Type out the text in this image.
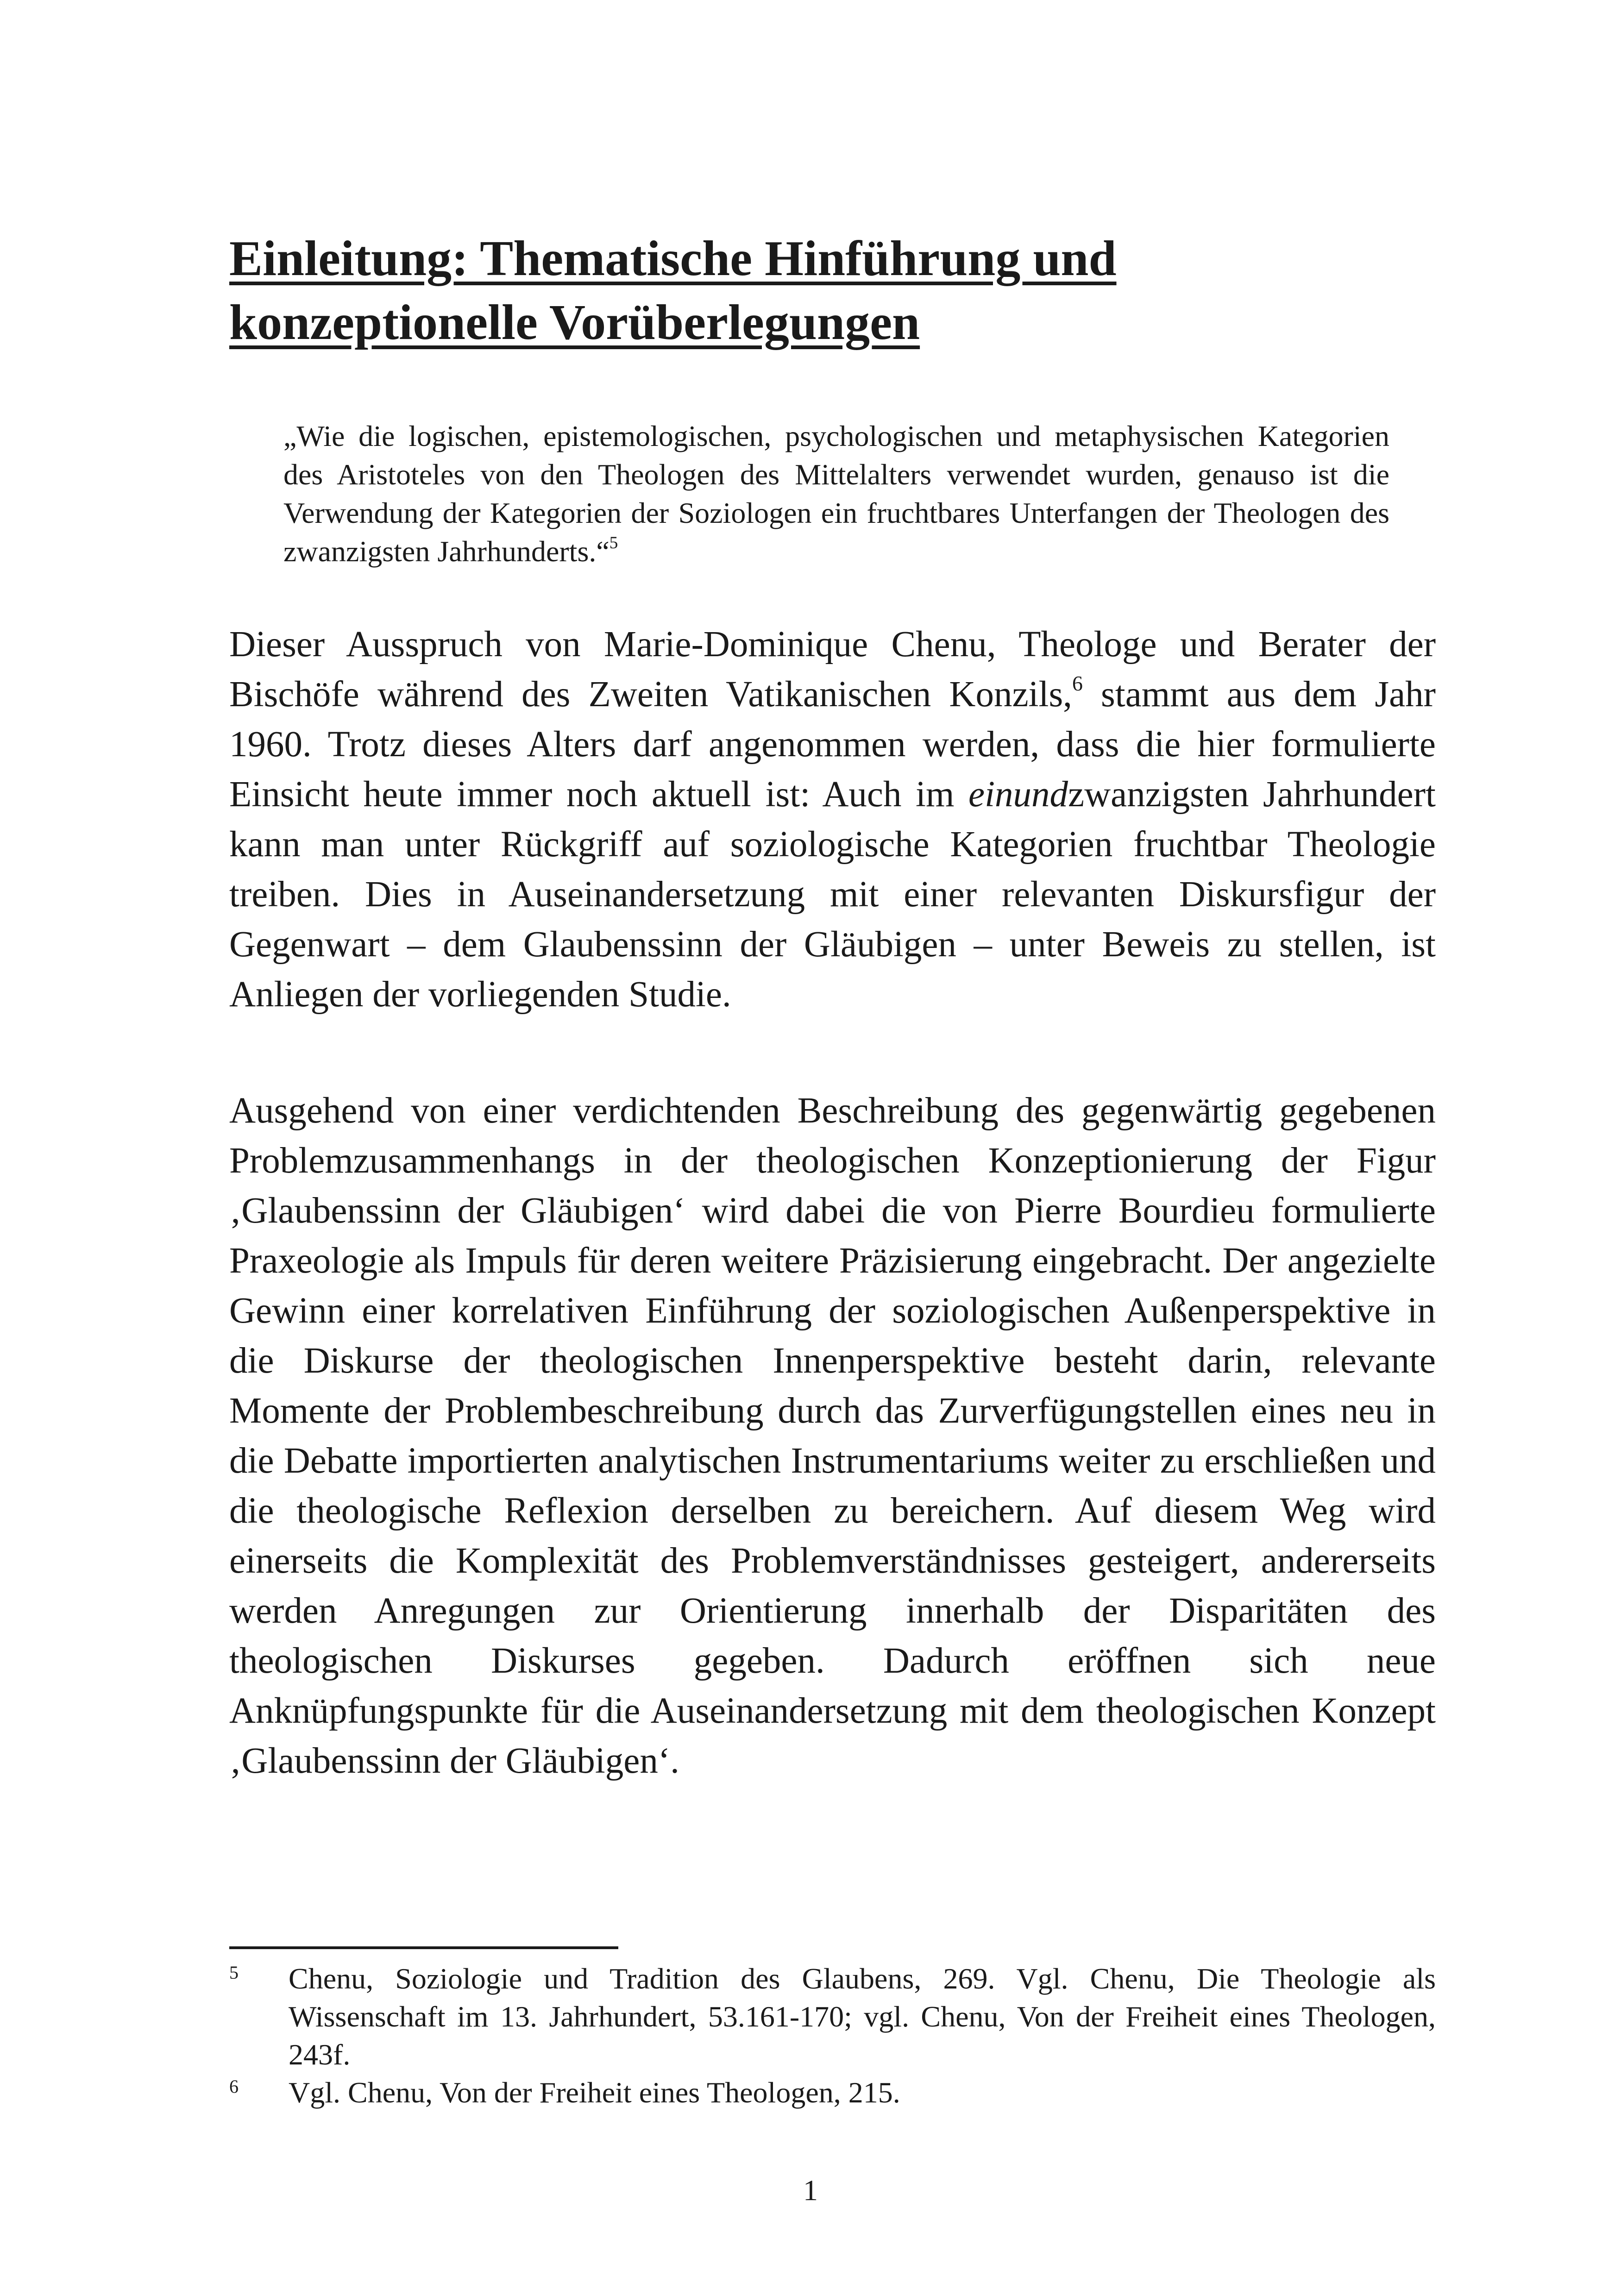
Einleitung: Thematische Hinführung und
konzeptionelle Vorüberlegungen

„Wie die logischen, epistemologischen, psychologischen und metaphysischen Kategorien des Aristoteles von den Theologen des Mittelalters verwendet wurden, genauso ist die Verwendung der Kategorien der Soziologen ein fruchtbares Unterfangen der Theologen des zwanzigsten Jahrhunderts.“$^5$

Dieser Ausspruch von Marie-Dominique Chenu, Theologe und Berater der Bischöfe während des Zweiten Vatikanischen Konzils,$^6$ stammt aus dem Jahr 1960. Trotz dieses Alters darf angenommen werden, dass die hier formulierte Einsicht heute immer noch aktuell ist: Auch im einundzwanzigsten Jahrhundert kann man unter Rückgriff auf soziologische Kategorien fruchtbar Theologie treiben. Dies in Auseinandersetzung mit einer relevanten Diskursfigur der Gegenwart – dem Glaubenssinn der Gläubigen – unter Beweis zu stellen, ist Anliegen der vorliegenden Studie.

Ausgehend von einer verdichtenden Beschreibung des gegenwärtig gegebenen Problemzusammenhangs in der theologischen Konzeptionierung der Figur ‚Glaubenssinn der Gläubigen‘ wird dabei die von Pierre Bourdieu formulierte Praxeologie als Impuls für deren weitere Präzisierung eingebracht. Der angezielte Gewinn einer korrelativen Einführung der soziologischen Außenperspektive in die Diskurse der theologischen Innenperspektive besteht darin, relevante Momente der Problembeschreibung durch das Zurverfügungstellen eines neu in die Debatte importierten analytischen Instrumentariums weiter zu erschließen und die theologische Reflexion derselben zu bereichern. Auf diesem Weg wird einerseits die Komplexität des Problemverständnisses gesteigert, andererseits werden Anregungen zur Orientierung innerhalb der Disparitäten des theologischen Diskurses gegeben. Dadurch eröffnen sich neue Anknüpfungspunkte für die Auseinandersetzung mit dem theologischen Konzept ‚Glaubenssinn der Gläubigen‘.

5	Chenu, Soziologie und Tradition des Glaubens, 269. Vgl. Chenu, Die Theologie als Wissenschaft im 13. Jahrhundert, 53.161-170; vgl. Chenu, Von der Freiheit eines Theologen, 243f.
6	Vgl. Chenu, Von der Freiheit eines Theologen, 215.

1
